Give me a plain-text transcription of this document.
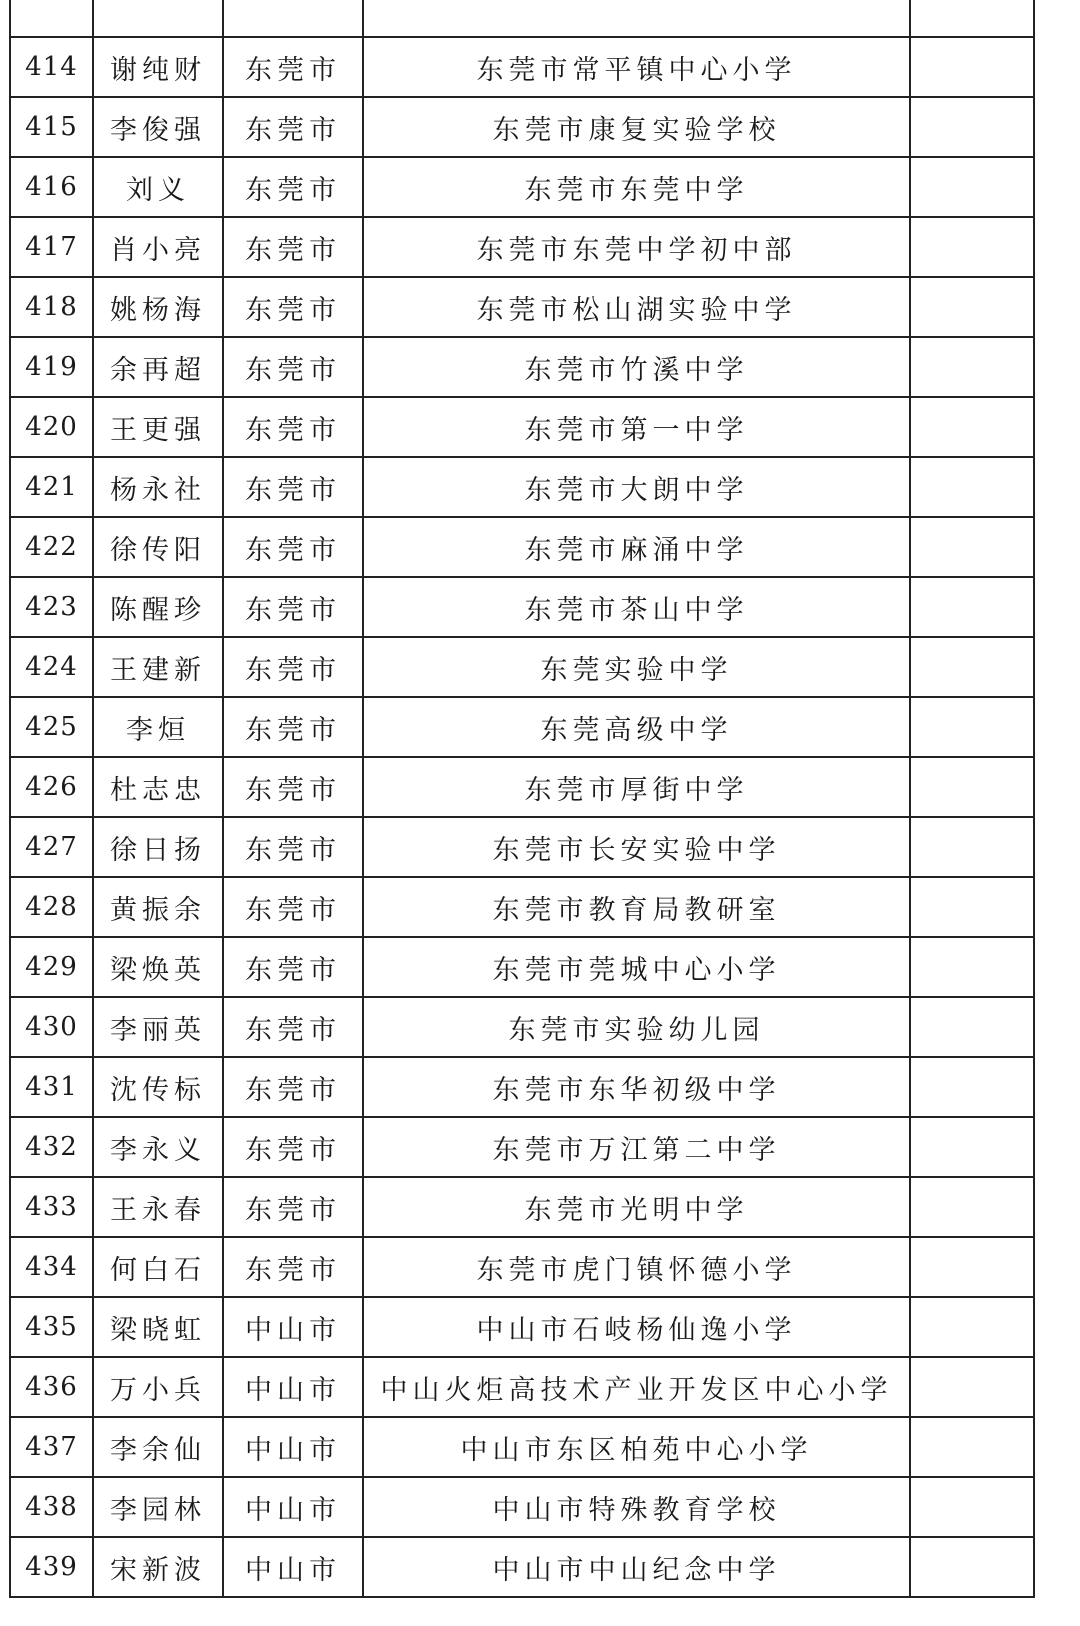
414	谢纯财	东莞市	东莞市常平镇中心小学	
415	李俊强	东莞市	东莞市康复实验学校	
416	刘义	东莞市	东莞市东莞中学	
417	肖小亮	东莞市	东莞市东莞中学初中部	
418	姚杨海	东莞市	东莞市松山湖实验中学	
419	余再超	东莞市	东莞市竹溪中学	
420	王更强	东莞市	东莞市第一中学	
421	杨永社	东莞市	东莞市大朗中学	
422	徐传阳	东莞市	东莞市麻涌中学	
423	陈醒珍	东莞市	东莞市茶山中学	
424	王建新	东莞市	东莞实验中学	
425	李烜	东莞市	东莞高级中学	
426	杜志忠	东莞市	东莞市厚街中学	
427	徐日扬	东莞市	东莞市长安实验中学	
428	黄振余	东莞市	东莞市教育局教研室	
429	梁焕英	东莞市	东莞市莞城中心小学	
430	李丽英	东莞市	东莞市实验幼儿园	
431	沈传标	东莞市	东莞市东华初级中学	
432	李永义	东莞市	东莞市万江第二中学	
433	王永春	东莞市	东莞市光明中学	
434	何白石	东莞市	东莞市虎门镇怀德小学	
435	梁晓虹	中山市	中山市石岐杨仙逸小学	
436	万小兵	中山市	中山火炬高技术产业开发区中心小学	
437	李余仙	中山市	中山市东区柏苑中心小学	
438	李园林	中山市	中山市特殊教育学校	
439	宋新波	中山市	中山市中山纪念中学	
